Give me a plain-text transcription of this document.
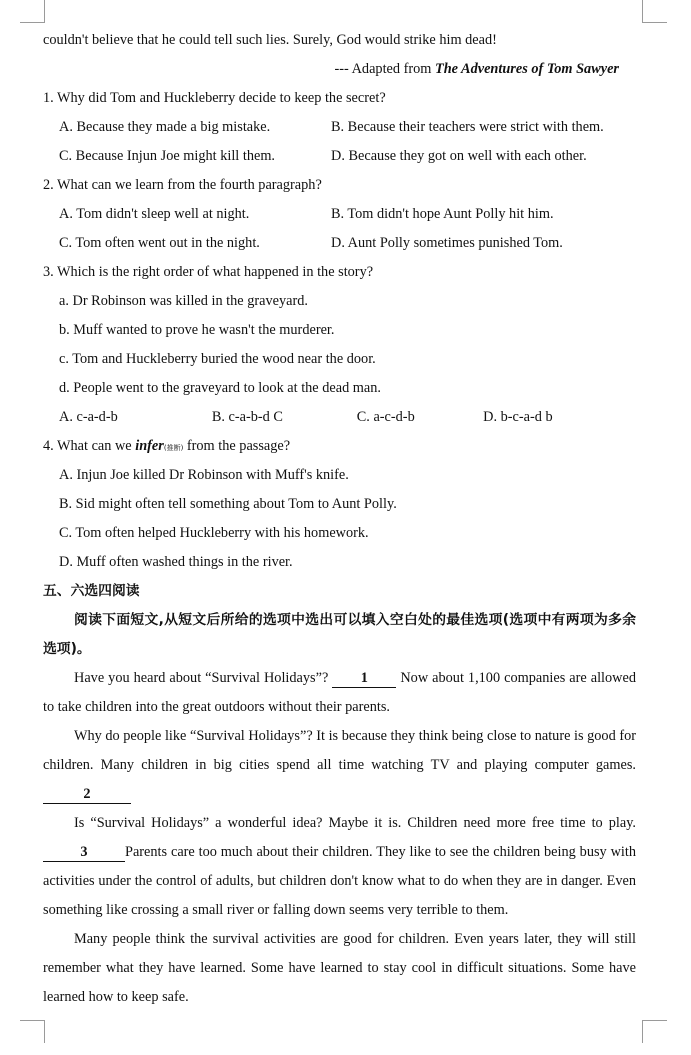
couldn't believe that he could tell such lies. Surely, God would strike him dead!
--- Adapted from The Adventures of Tom Sawyer
1. Why did Tom and Huckleberry decide to keep the secret?
A. Because they made a big mistake.	B. Because their teachers were strict with them.
C. Because Injun Joe might kill them.	D. Because they got on well with each other.
2. What can we learn from the fourth paragraph?
A. Tom didn't sleep well at night.	B. Tom didn't hope Aunt Polly hit him.
C. Tom often went out in the night.	D. Aunt Polly sometimes punished Tom.
3. Which is the right order of what happened in the story?
a. Dr Robinson was killed in the graveyard.
b. Muff wanted to prove he wasn't the murderer.
c. Tom and Huckleberry buried the wood near the door.
d. People went to the graveyard to look at the dead man.
A. c-a-d-b	B. c-a-b-d C	C. a-c-d-b	D. b-c-a-d b
4. What can we infer(推断) from the passage?
A. Injun Joe killed Dr Robinson with Muff's knife.
B. Sid might often tell something about Tom to Aunt Polly.
C. Tom often helped Huckleberry with his homework.
D. Muff often washed things in the river.
五、六选四阅读

阅读下面短文,从短文后所给的选项中选出可以填入空白处的最佳选项(选项中有两项为多余选项)。

Have you heard about “Survival Holidays”? 1 Now about 1,100 companies are allowed to take children into the great outdoors without their parents.

Why do people like “Survival Holidays”? It is because they think being close to nature is good for children. Many children in big cities spend all time watching TV and playing computer games. 2

Is “Survival Holidays” a wonderful idea? Maybe it is. Children need more free time to play. 3	Parents care too much about their children. They like to see the children being busy with activities under the control of adults, but children don't know what to do when they are in danger. Even something like crossing a small river or falling down seems very terrible to them.

Many people think the survival activities are good for children. Even years later, they will still remember what they have learned. Some have learned to stay cool in difficult situations. Some have learned how to keep safe.
